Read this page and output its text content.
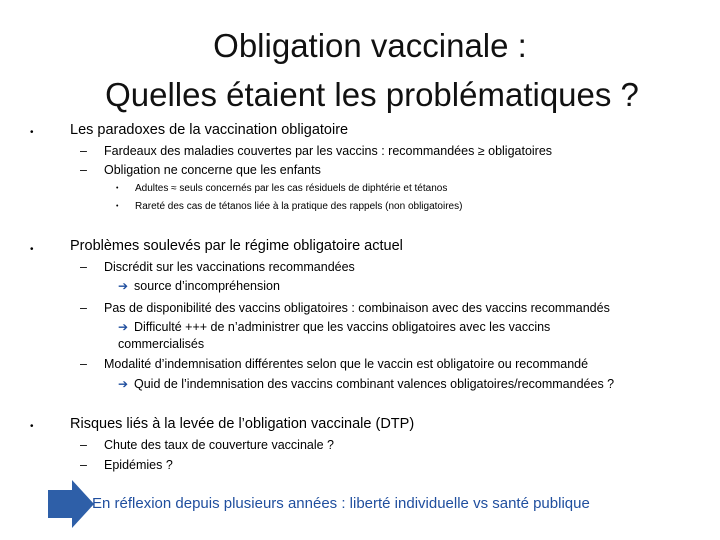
Obligation vaccinale :
Quelles étaient les problématiques ?
•	Les paradoxes de la vaccination obligatoire
– Fardeaux des maladies couvertes par les vaccins : recommandées ≥ obligatoires
– Obligation ne concerne que les enfants
• Adultes ≈ seuls concernés par les cas résiduels de diphtérie et tétanos
• Rareté des cas de tétanos liée à la pratique des rappels (non obligatoires)
•	Problèmes soulevés par le régime obligatoire actuel
– Discrédit sur les vaccinations recommandées
➔ source d’incompréhension
– Pas de disponibilité des vaccins obligatoires : combinaison avec des vaccins recommandés
➔ Difficulté +++ de n’administrer que les vaccins obligatoires avec les vaccins
commercialisés
– Modalité d’indemnisation différentes selon que le vaccin est obligatoire ou recommandé
➔ Quid de l’indemnisation des vaccins combinant valences obligatoires/recommandées ?
•	Risques liés à la levée de l’obligation vaccinale (DTP)
– Chute des taux de couverture vaccinale ?
– Epidémies ?
En réflexion depuis plusieurs années : liberté individuelle vs santé publique
